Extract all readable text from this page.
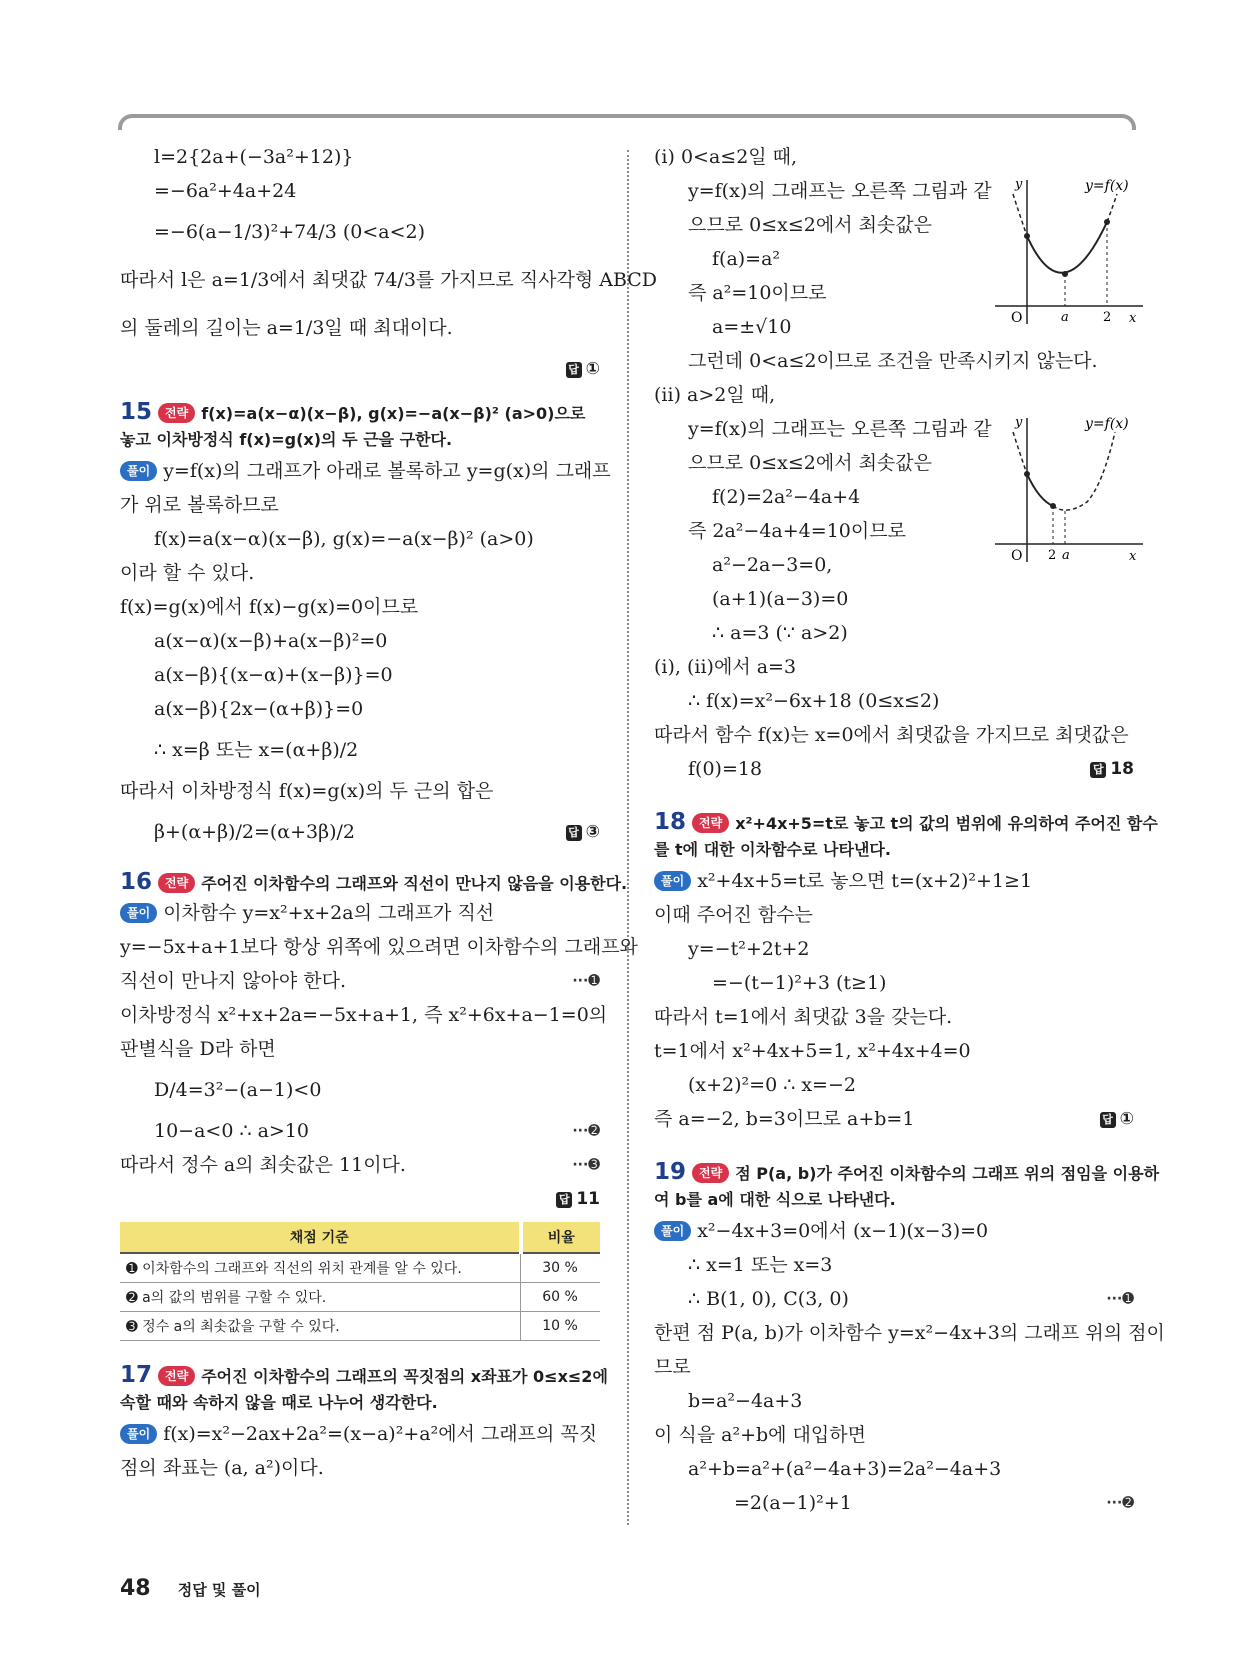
l=2{2a+(−3a²+12)}
=−6a²+4a+24
=−6(a−1/3)²+74/3 (0<a<2)
따라서 l은 a=1/3에서 최댓값 74/3를 가지므로 직사각형 ABCD
의 둘레의 길이는 a=1/3일 때 최대이다.
답 ①
15 전략 f(x)=a(x−α)(x−β), g(x)=−a(x−β)² (a>0)으로
놓고 이차방정식 f(x)=g(x)의 두 근을 구한다.
풀이 y=f(x)의 그래프가 아래로 볼록하고 y=g(x)의 그래프
가 위로 볼록하므로
f(x)=a(x−α)(x−β), g(x)=−a(x−β)² (a>0)
이라 할 수 있다.
f(x)=g(x)에서 f(x)−g(x)=0이므로
a(x−α)(x−β)+a(x−β)²=0
a(x−β){(x−α)+(x−β)}=0
a(x−β){2x−(α+β)}=0
∴ x=β 또는 x=(α+β)/2
따라서 이차방정식 f(x)=g(x)의 두 근의 합은
β+(α+β)/2=(α+3β)/2	답 ③
16 전략 주어진 이차함수의 그래프와 직선이 만나지 않음을 이용한다.
풀이 이차함수 y=x²+x+2a의 그래프가 직선
y=−5x+a+1보다 항상 위쪽에 있으려면 이차함수의 그래프와
직선이 만나지 않아야 한다.	···➊
이차방정식 x²+x+2a=−5x+a+1, 즉 x²+6x+a−1=0의
판별식을 D라 하면
D/4=3²−(a−1)<0
10−a<0 ∴ a>10	···➋
따라서 정수 a의 최솟값은 11이다.	···➌
답 11
채점 기준	비율
➊ 이차함수의 그래프와 직선의 위치 관계를 알 수 있다.	30 %
➋ a의 값의 범위를 구할 수 있다.	60 %
➌ 정수 a의 최솟값을 구할 수 있다.	10 %
17 전략 주어진 이차함수의 그래프의 꼭짓점의 x좌표가 0≤x≤2에
속할 때와 속하지 않을 때로 나누어 생각한다.
풀이 f(x)=x²−2ax+2a²=(x−a)²+a²에서 그래프의 꼭짓
점의 좌표는 (a, a²)이다.
(i) 0<a≤2일 때,
y=f(x)의 그래프는 오른쪽 그림과 같
으므로 0≤x≤2에서 최솟값은
f(a)=a²
즉 a²=10이므로
a=±√10
그런데 0<a≤2이므로 조건을 만족시키지 않는다.
(ii) a>2일 때,
y=f(x)의 그래프는 오른쪽 그림과 같
으므로 0≤x≤2에서 최솟값은
f(2)=2a²−4a+4
즉 2a²−4a+4=10이므로
a²−2a−3=0,
(a+1)(a−3)=0
∴ a=3 (∵ a>2)
(i), (ii)에서 a=3
∴ f(x)=x²−6x+18 (0≤x≤2)
따라서 함수 f(x)는 x=0에서 최댓값을 가지므로 최댓값은
f(0)=18	답 18
18 전략 x²+4x+5=t로 놓고 t의 값의 범위에 유의하여 주어진 함수
를 t에 대한 이차함수로 나타낸다.
풀이 x²+4x+5=t로 놓으면 t=(x+2)²+1≥1
이때 주어진 함수는
y=−t²+2t+2
=−(t−1)²+3 (t≥1)
따라서 t=1에서 최댓값 3을 갖는다.
t=1에서 x²+4x+5=1, x²+4x+4=0
(x+2)²=0 ∴ x=−2
즉 a=−2, b=3이므로 a+b=1	답 ①
19 전략 점 P(a, b)가 주어진 이차함수의 그래프 위의 점임을 이용하
여 b를 a에 대한 식으로 나타낸다.
풀이 x²−4x+3=0에서 (x−1)(x−3)=0
∴ x=1 또는 x=3
∴ B(1, 0), C(3, 0)	···➊
한편 점 P(a, b)가 이차함수 y=x²−4x+3의 그래프 위의 점이
므로
b=a²−4a+3
이 식을 a²+b에 대입하면
a²+b=a²+(a²−4a+3)=2a²−4a+3
=2(a−1)²+1	···➋
y	y=f(x)
O	a	2 x
y	y=f(x)
O 2 a	x
48 정답 및 풀이
